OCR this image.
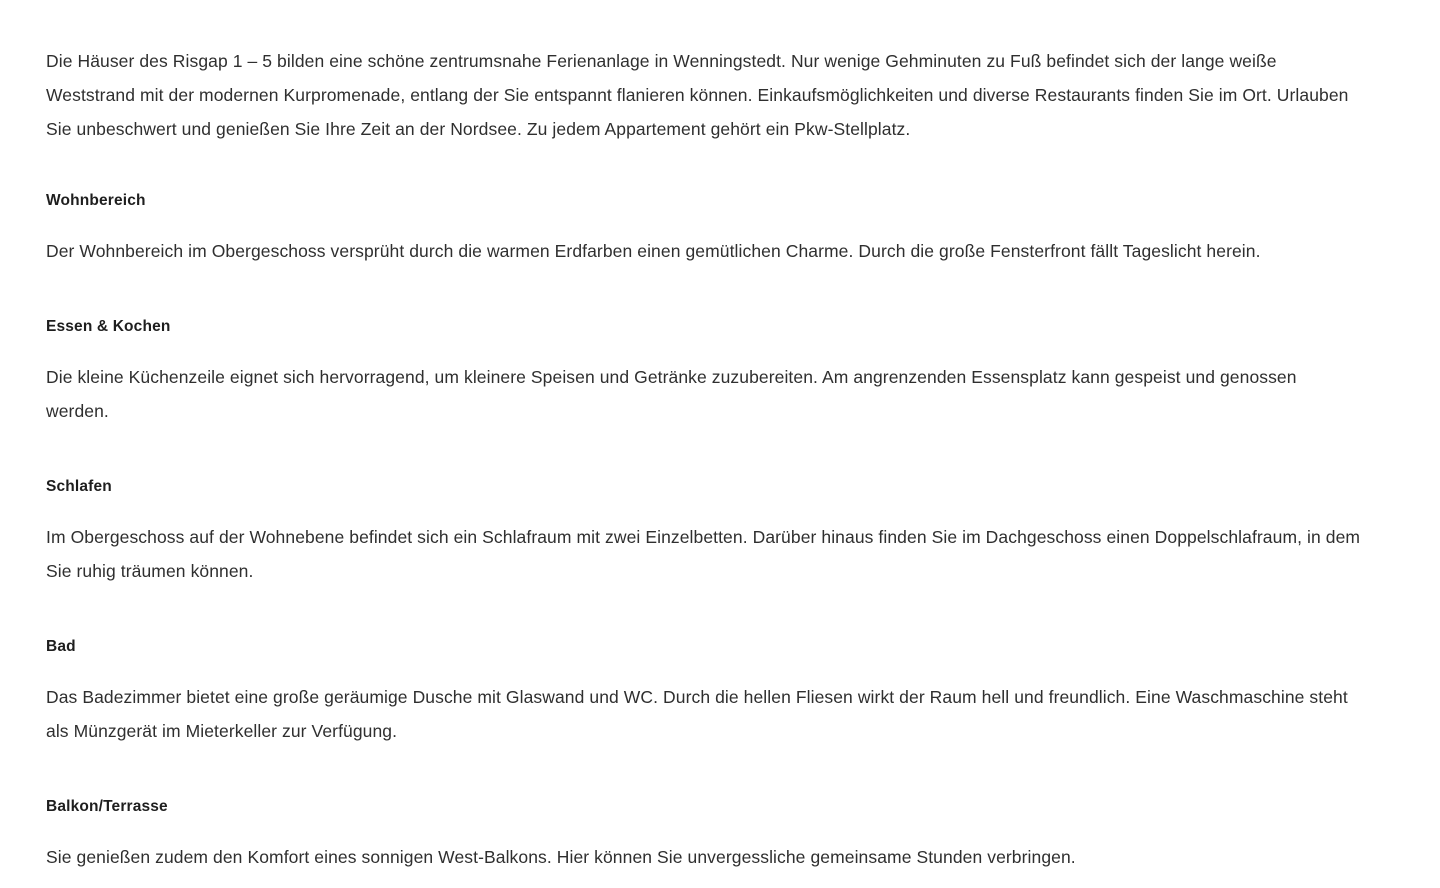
Die Häuser des Risgap 1 – 5 bilden eine schöne zentrumsnahe Ferienanlage in Wenningstedt. Nur wenige Gehminuten zu Fuß befindet sich der lange weiße Weststrand mit der modernen Kurpromenade, entlang der Sie entspannt flanieren können. Einkaufsmöglichkeiten und diverse Restaurants finden Sie im Ort. Urlauben Sie unbeschwert und genießen Sie Ihre Zeit an der Nordsee. Zu jedem Appartement gehört ein Pkw-Stellplatz.

Wohnbereich

Der Wohnbereich im Obergeschoss versprüht durch die warmen Erdfarben einen gemütlichen Charme. Durch die große Fensterfront fällt Tageslicht herein.

Essen & Kochen

Die kleine Küchenzeile eignet sich hervorragend, um kleinere Speisen und Getränke zuzubereiten. Am angrenzenden Essensplatz kann gespeist und genossen werden.

Schlafen

Im Obergeschoss auf der Wohnebene befindet sich ein Schlafraum mit zwei Einzelbetten. Darüber hinaus finden Sie im Dachgeschoss einen Doppelschlafraum, in dem Sie ruhig träumen können.

Bad

Das Badezimmer bietet eine große geräumige Dusche mit Glaswand und WC. Durch die hellen Fliesen wirkt der Raum hell und freundlich. Eine Waschmaschine steht als Münzgerät im Mieterkeller zur Verfügung.

Balkon/Terrasse

Sie genießen zudem den Komfort eines sonnigen West-Balkons. Hier können Sie unvergessliche gemeinsame Stunden verbringen.
